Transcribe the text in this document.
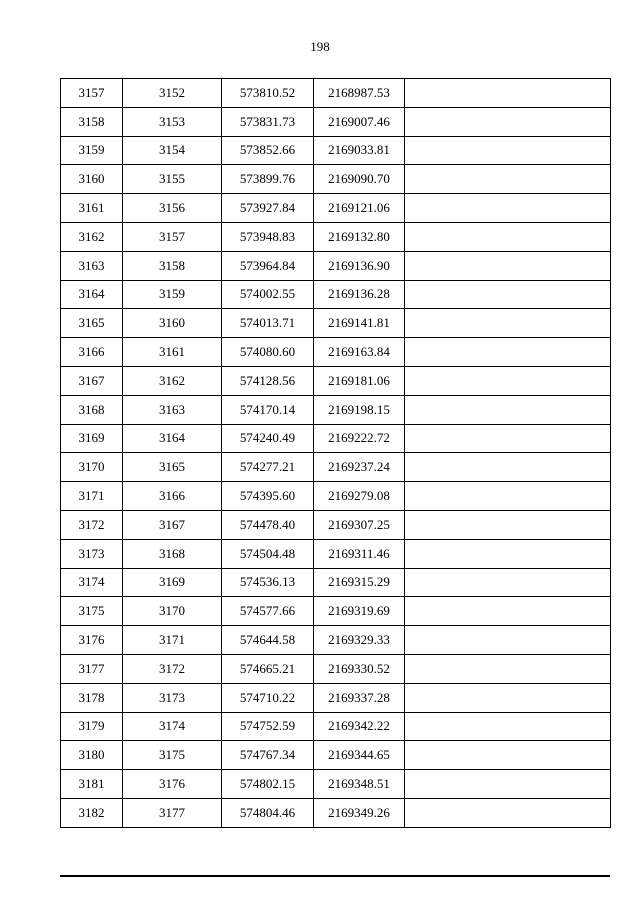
198
3157	3152	573810.52	2168987.53	
3158	3153	573831.73	2169007.46	
3159	3154	573852.66	2169033.81	
3160	3155	573899.76	2169090.70	
3161	3156	573927.84	2169121.06	
3162	3157	573948.83	2169132.80	
3163	3158	573964.84	2169136.90	
3164	3159	574002.55	2169136.28	
3165	3160	574013.71	2169141.81	
3166	3161	574080.60	2169163.84	
3167	3162	574128.56	2169181.06	
3168	3163	574170.14	2169198.15	
3169	3164	574240.49	2169222.72	
3170	3165	574277.21	2169237.24	
3171	3166	574395.60	2169279.08	
3172	3167	574478.40	2169307.25	
3173	3168	574504.48	2169311.46	
3174	3169	574536.13	2169315.29	
3175	3170	574577.66	2169319.69	
3176	3171	574644.58	2169329.33	
3177	3172	574665.21	2169330.52	
3178	3173	574710.22	2169337.28	
3179	3174	574752.59	2169342.22	
3180	3175	574767.34	2169344.65	
3181	3176	574802.15	2169348.51	
3182	3177	574804.46	2169349.26	
